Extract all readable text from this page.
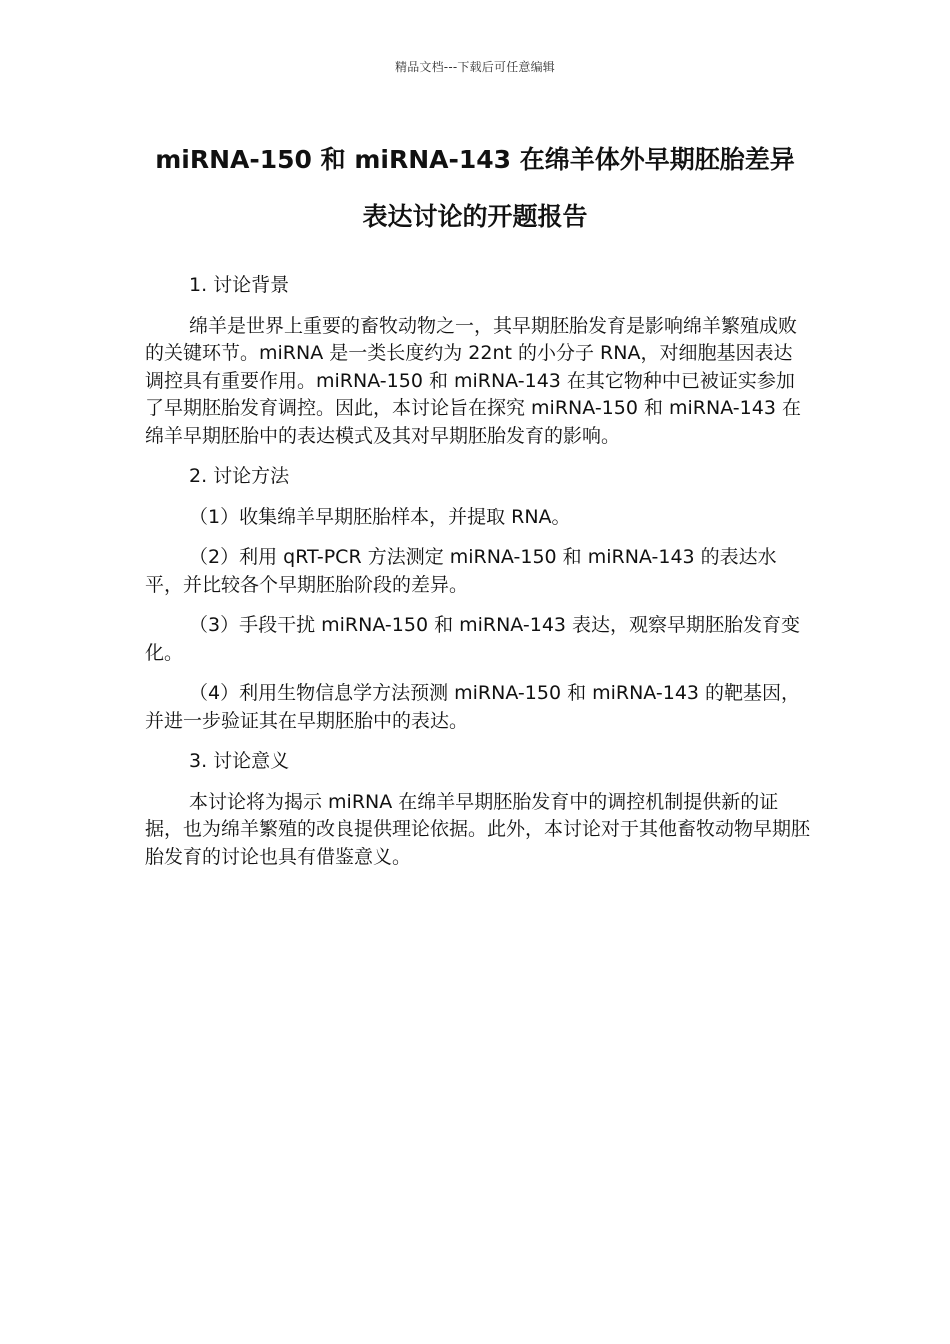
精品文档---下载后可任意编辑
miRNA-150 和 miRNA-143 在绵羊体外早期胚胎差异
表达讨论的开题报告

1. 讨论背景

绵羊是世界上重要的畜牧动物之一，其早期胚胎发育是影响绵羊繁殖成败的关键环节。miRNA 是一类长度约为 22nt 的小分子 RNA，对细胞基因表达调控具有重要作用。miRNA-150 和 miRNA-143 在其它物种中已被证实参加了早期胚胎发育调控。因此，本讨论旨在探究 miRNA-150 和 miRNA-143 在绵羊早期胚胎中的表达模式及其对早期胚胎发育的影响。

2. 讨论方法

（1）收集绵羊早期胚胎样本，并提取 RNA。

（2）利用 qRT-PCR 方法测定 miRNA-150 和 miRNA-143 的表达水平，并比较各个早期胚胎阶段的差异。

（3）手段干扰 miRNA-150 和 miRNA-143 表达，观察早期胚胎发育变化。

（4）利用生物信息学方法预测 miRNA-150 和 miRNA-143 的靶基因，并进一步验证其在早期胚胎中的表达。

3. 讨论意义

本讨论将为揭示 miRNA 在绵羊早期胚胎发育中的调控机制提供新的证据，也为绵羊繁殖的改良提供理论依据。此外，本讨论对于其他畜牧动物早期胚胎发育的讨论也具有借鉴意义。
